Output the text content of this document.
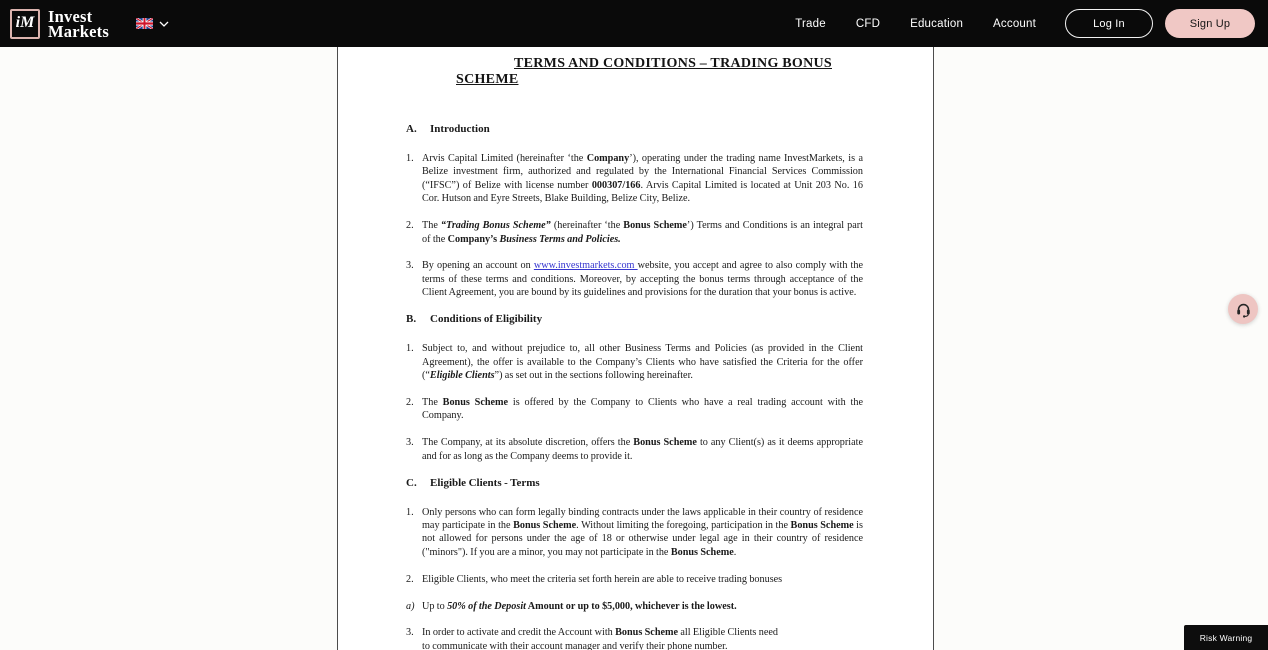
iM Invest
Markets	Trade	CFD	Education	Account	Log In	Sign Up
TERMS AND CONDITIONS – TRADING BONUS SCHEME
A.	Introduction
1. Arvis Capital Limited (hereinafter ‘the Company’), operating under the trading name InvestMarkets, is a Belize investment firm, authorized and regulated by the International Financial Services Commission (“IFSC”) of Belize with license number 000307/166. Arvis Capital Limited is located at Unit 203 No. 16 Cor. Hutson and Eyre Streets, Blake Building, Belize City, Belize.
2. The “Trading Bonus Scheme” (hereinafter ‘the Bonus Scheme’) Terms and Conditions is an integral part of the Company’s Business Terms and Policies.
3. By opening an account on www.investmarkets.com website, you accept and agree to also comply with the terms of these terms and conditions. Moreover, by accepting the bonus terms through acceptance of the Client Agreement, you are bound by its guidelines and provisions for the duration that your bonus is active.
B.	Conditions of Eligibility
1. Subject to, and without prejudice to, all other Business Terms and Policies (as provided in the Client Agreement), the offer is available to the Company’s Clients who have satisfied the Criteria for the offer (“Eligible Clients”) as set out in the sections following hereinafter.
2. The Bonus Scheme is offered by the Company to Clients who have a real trading account with the Company.
3. The Company, at its absolute discretion, offers the Bonus Scheme to any Client(s) as it deems appropriate and for as long as the Company deems to provide it.
C.	Eligible Clients - Terms
1. Only persons who can form legally binding contracts under the laws applicable in their country of residence may participate in the Bonus Scheme. Without limiting the foregoing, participation in the Bonus Scheme is not allowed for persons under the age of 18 or otherwise under legal age in their country of residence ("minors"). If you are a minor, you may not participate in the Bonus Scheme.
2. Eligible Clients, who meet the criteria set forth herein are able to receive trading bonuses
a) Up to 50% of the Deposit Amount or up to $5,000, whichever is the lowest.
3. In order to activate and credit the Account with Bonus Scheme all Eligible Clients need
to communicate with their account manager and verify their phone number.
Risk Warning
